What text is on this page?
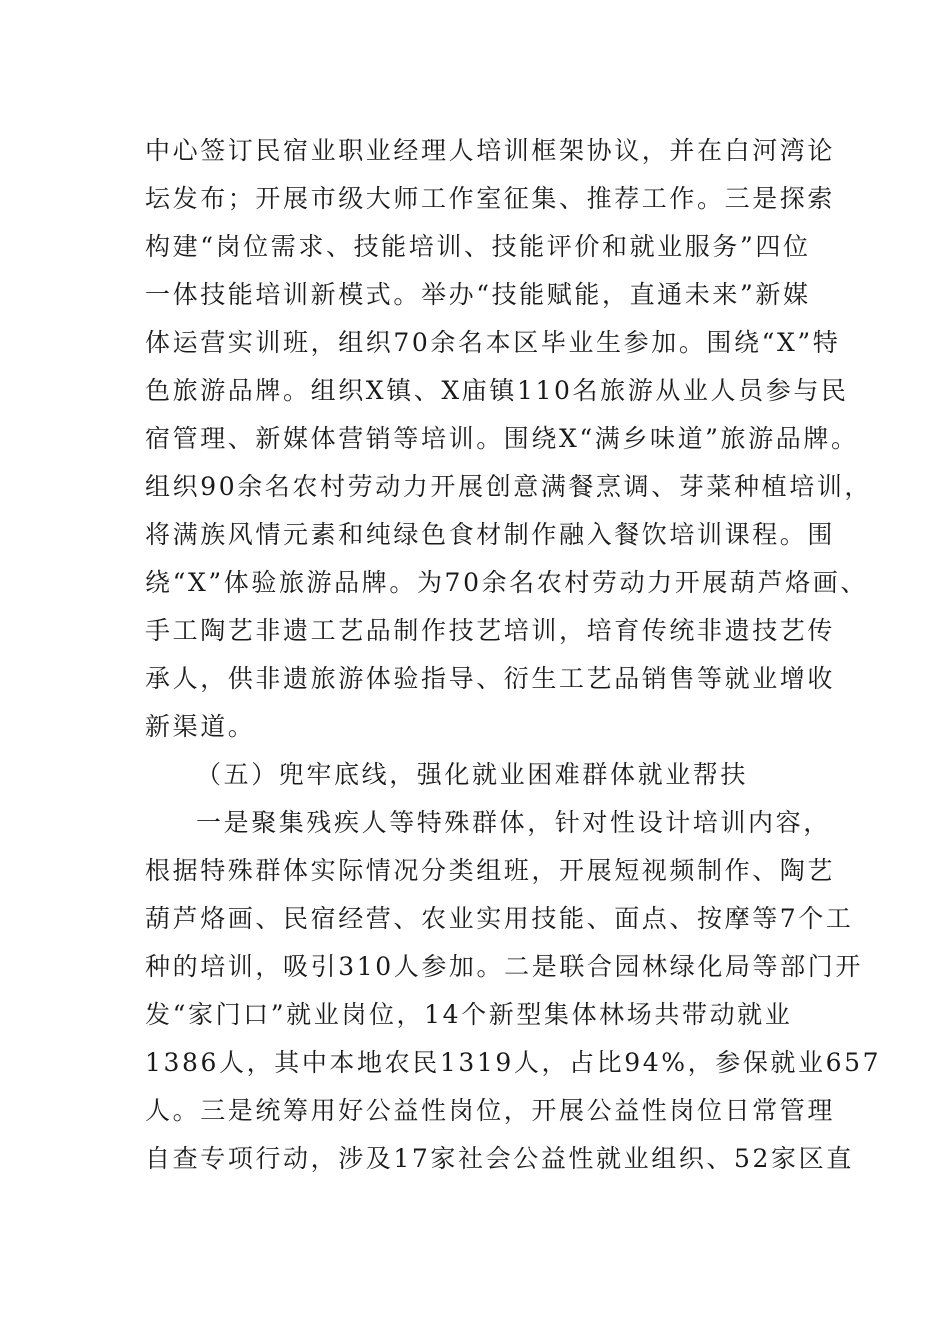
中心签订民宿业职业经理人培训框架协议，并在白河湾论
坛发布；开展市级大师工作室征集、推荐工作。三是探索
构建“岗位需求、技能培训、技能评价和就业服务”四位
一体技能培训新模式。举办“技能赋能，直通未来”新媒
体运营实训班，组织70余名本区毕业生参加。围绕“X”特
色旅游品牌。组织X镇、X庙镇110名旅游从业人员参与民
宿管理、新媒体营销等培训。围绕X“满乡味道”旅游品牌。
组织90余名农村劳动力开展创意满餐烹调、芽菜种植培训，
将满族风情元素和纯绿色食材制作融入餐饮培训课程。围
绕“X”体验旅游品牌。为70余名农村劳动力开展葫芦烙画、
手工陶艺非遗工艺品制作技艺培训，培育传统非遗技艺传
承人，供非遗旅游体验指导、衍生工艺品销售等就业增收
新渠道。
（五）兜牢底线，强化就业困难群体就业帮扶
一是聚集残疾人等特殊群体，针对性设计培训内容，
根据特殊群体实际情况分类组班，开展短视频制作、陶艺
葫芦烙画、民宿经营、农业实用技能、面点、按摩等7个工
种的培训，吸引310人参加。二是联合园林绿化局等部门开
发“家门口”就业岗位，14个新型集体林场共带动就业
1386人，其中本地农民1319人，占比94%，参保就业657
人。三是统筹用好公益性岗位，开展公益性岗位日常管理
自查专项行动，涉及17家社会公益性就业组织、52家区直
